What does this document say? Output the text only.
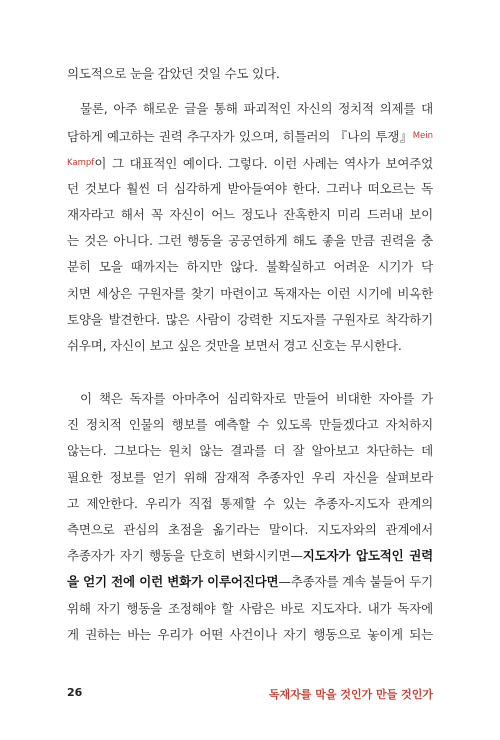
의도적으로 눈을 감았던 것일 수도 있다.
물론, 아주 해로운 글을 통해 파괴적인 자신의 정치적 의제를 대
담하게 예고하는 권력 추구자가 있으며, 히틀러의 『나의 투쟁』$^{Mein}$
$^{Kampf}$이 그 대표적인 예이다. 그렇다. 이런 사례는 역사가 보여주었
던 것보다 훨씬 더 심각하게 받아들여야 한다. 그러나 떠오르는 독
재자라고 해서 꼭 자신이 어느 정도나 잔혹한지 미리 드러내 보이
는 것은 아니다. 그런 행동을 공공연하게 해도 좋을 만큼 권력을 충
분히 모을 때까지는 하지만 않다. 불확실하고 어려운 시기가 닥
치면 세상은 구원자를 찾기 마련이고 독재자는 이런 시기에 비옥한
토양을 발견한다. 많은 사람이 강력한 지도자를 구원자로 착각하기
쉬우며, 자신이 보고 싶은 것만을 보면서 경고 신호는 무시한다.
이 책은 독자를 아마추어 심리학자로 만들어 비대한 자아를 가
진 정치적 인물의 행보를 예측할 수 있도록 만들겠다고 자처하지
않는다. 그보다는 원치 않는 결과를 더 잘 알아보고 차단하는 데
필요한 정보를 얻기 위해 잠재적 추종자인 우리 자신을 살펴보라
고 제안한다. 우리가 직접 통제할 수 있는 추종자-지도자 관계의
측면으로 관심의 초점을 옮기라는 말이다. 지도자와의 관계에서
추종자가 자기 행동을 단호히 변화시키면—지도자가 압도적인 권력
을 얻기 전에 이런 변화가 이루어진다면—추종자를 계속 붙들어 두기
위해 자기 행동을 조정해야 할 사람은 바로 지도자다. 내가 독자에
게 권하는 바는 우리가 어떤 사건이나 자기 행동으로 놓이게 되는
26	독재자를 막을 것인가 만들 것인가
